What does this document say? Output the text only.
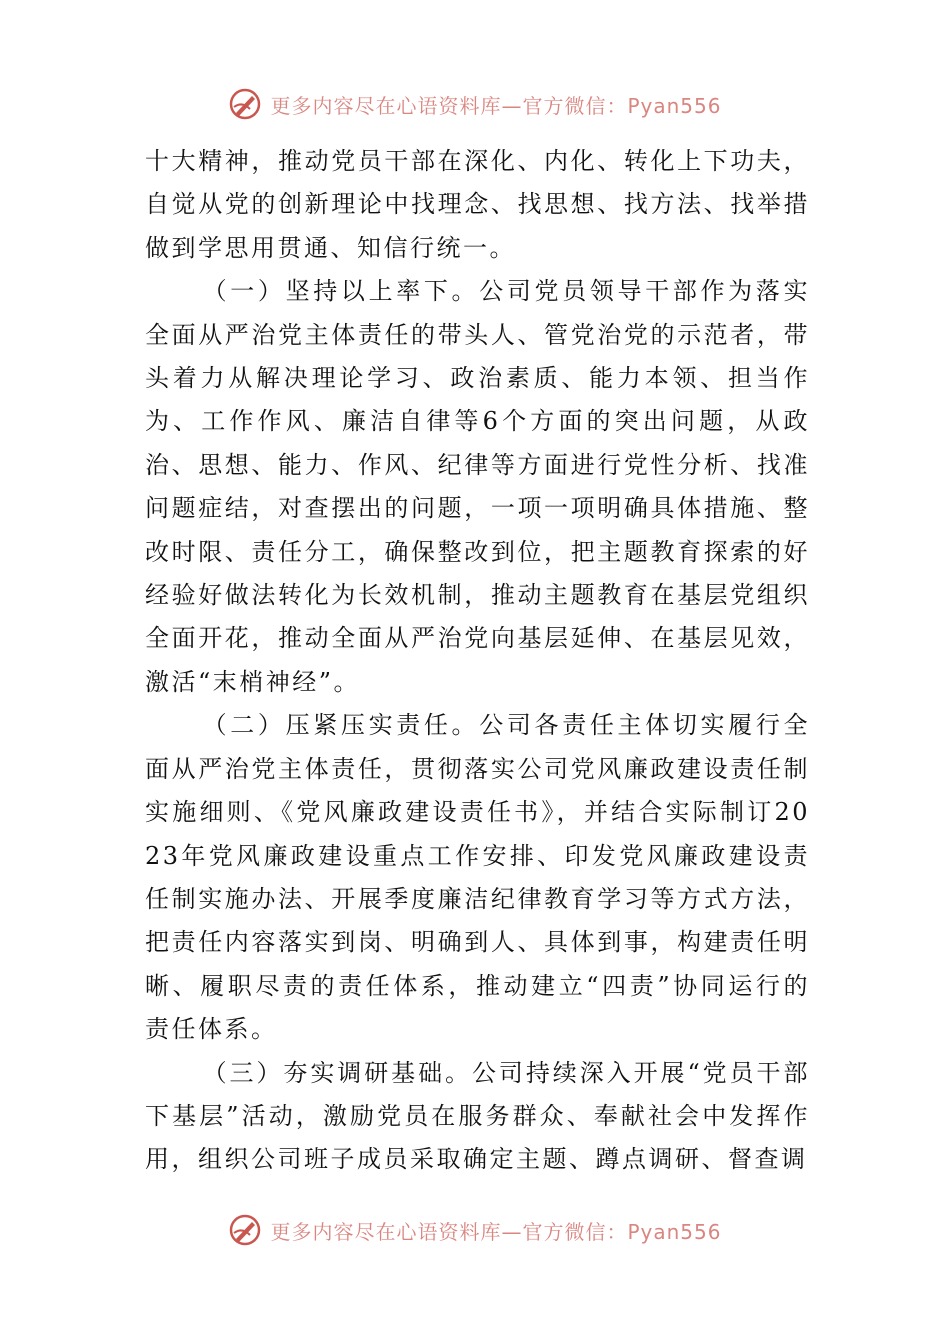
更多内容尽在心语资料库—官方微信：Pyan556

十大精神，推动党员干部在深化、内化、转化上下功夫，自觉从党的创新理论中找理念、找思想、找方法、找举措做到学思用贯通、知信行统一。

（一）坚持以上率下。公司党员领导干部作为落实全面从严治党主体责任的带头人、管党治党的示范者，带头着力从解决理论学习、政治素质、能力本领、担当作为、工作作风、廉洁自律等6个方面的突出问题，从政治、思想、能力、作风、纪律等方面进行党性分析、找准问题症结，对查摆出的问题，一项一项明确具体措施、整改时限、责任分工，确保整改到位，把主题教育探索的好经验好做法转化为长效机制，推动主题教育在基层党组织全面开花，推动全面从严治党向基层延伸、在基层见效，激活“末梢神经”。

（二）压紧压实责任。公司各责任主体切实履行全面从严治党主体责任，贯彻落实公司党风廉政建设责任制实施细则、《党风廉政建设责任书》，并结合实际制订2023年党风廉政建设重点工作安排、印发党风廉政建设责任制实施办法、开展季度廉洁纪律教育学习等方式方法，把责任内容落实到岗、明确到人、具体到事，构建责任明晰、履职尽责的责任体系，推动建立“四责”协同运行的责任体系。

（三）夯实调研基础。公司持续深入开展“党员干部下基层”活动，激励党员在服务群众、奉献社会中发挥作用，组织公司班子成员采取确定主题、蹲点调研、督查调

更多内容尽在心语资料库—官方微信：Pyan556
